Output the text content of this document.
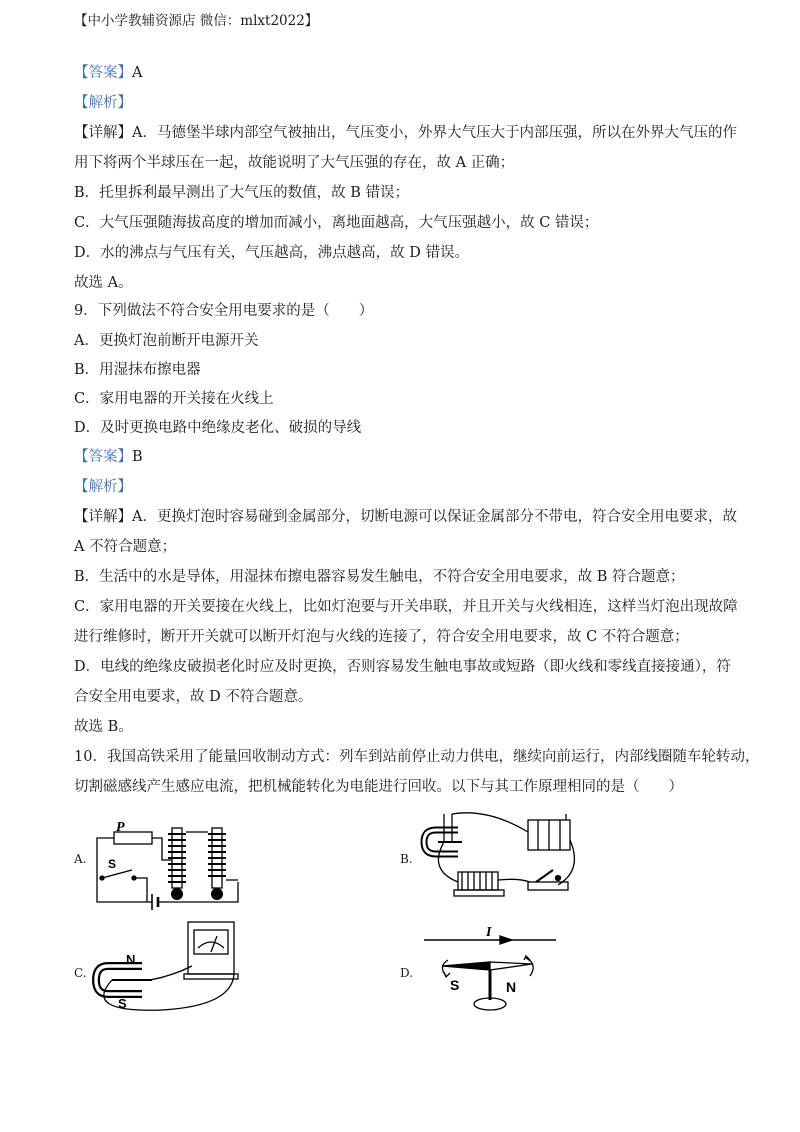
【中小学教辅资源店 微信：mlxt2022】
【答案】A
【解析】
【详解】A．马德堡半球内部空气被抽出，气压变小，外界大气压大于内部压强，所以在外界大气压的作
用下将两个半球压在一起，故能说明了大气压强的存在，故 A 正确；
B．托里拆利最早测出了大气压的数值，故 B 错误；
C．大气压强随海拔高度的增加而减小，离地面越高，大气压强越小，故 C 错误；
D．水的沸点与气压有关，气压越高，沸点越高，故 D 错误。
故选 A。
9．下列做法不符合安全用电要求的是（　　）
A．更换灯泡前断开电源开关
B．用湿抹布擦电器
C．家用电器的开关接在火线上
D．及时更换电路中绝缘皮老化、破损的导线
【答案】B
【解析】
【详解】A．更换灯泡时容易碰到金属部分，切断电源可以保证金属部分不带电，符合安全用电要求，故
A 不符合题意；
B．生活中的水是导体，用湿抹布擦电器容易发生触电，不符合安全用电要求，故 B 符合题意；
C．家用电器的开关要接在火线上，比如灯泡要与开关串联，并且开关与火线相连，这样当灯泡出现故障
进行维修时，断开开关就可以断开灯泡与火线的连接了，符合安全用电要求，故 C 不符合题意；
D．电线的绝缘皮破损老化时应及时更换，否则容易发生触电事故或短路（即火线和零线直接接通），符
合安全用电要求，故 D 不符合题意。
故选 B。
10．我国高铁采用了能量回收制动方式：列车到站前停止动力供电，继续向前运行，内部线圈随车轮转动，
切割磁感线产生感应电流，把机械能转化为电能进行回收。以下与其工作原理相同的是（　　）
A.	B.
C.	D.
P
S
N
S
I
S	N
